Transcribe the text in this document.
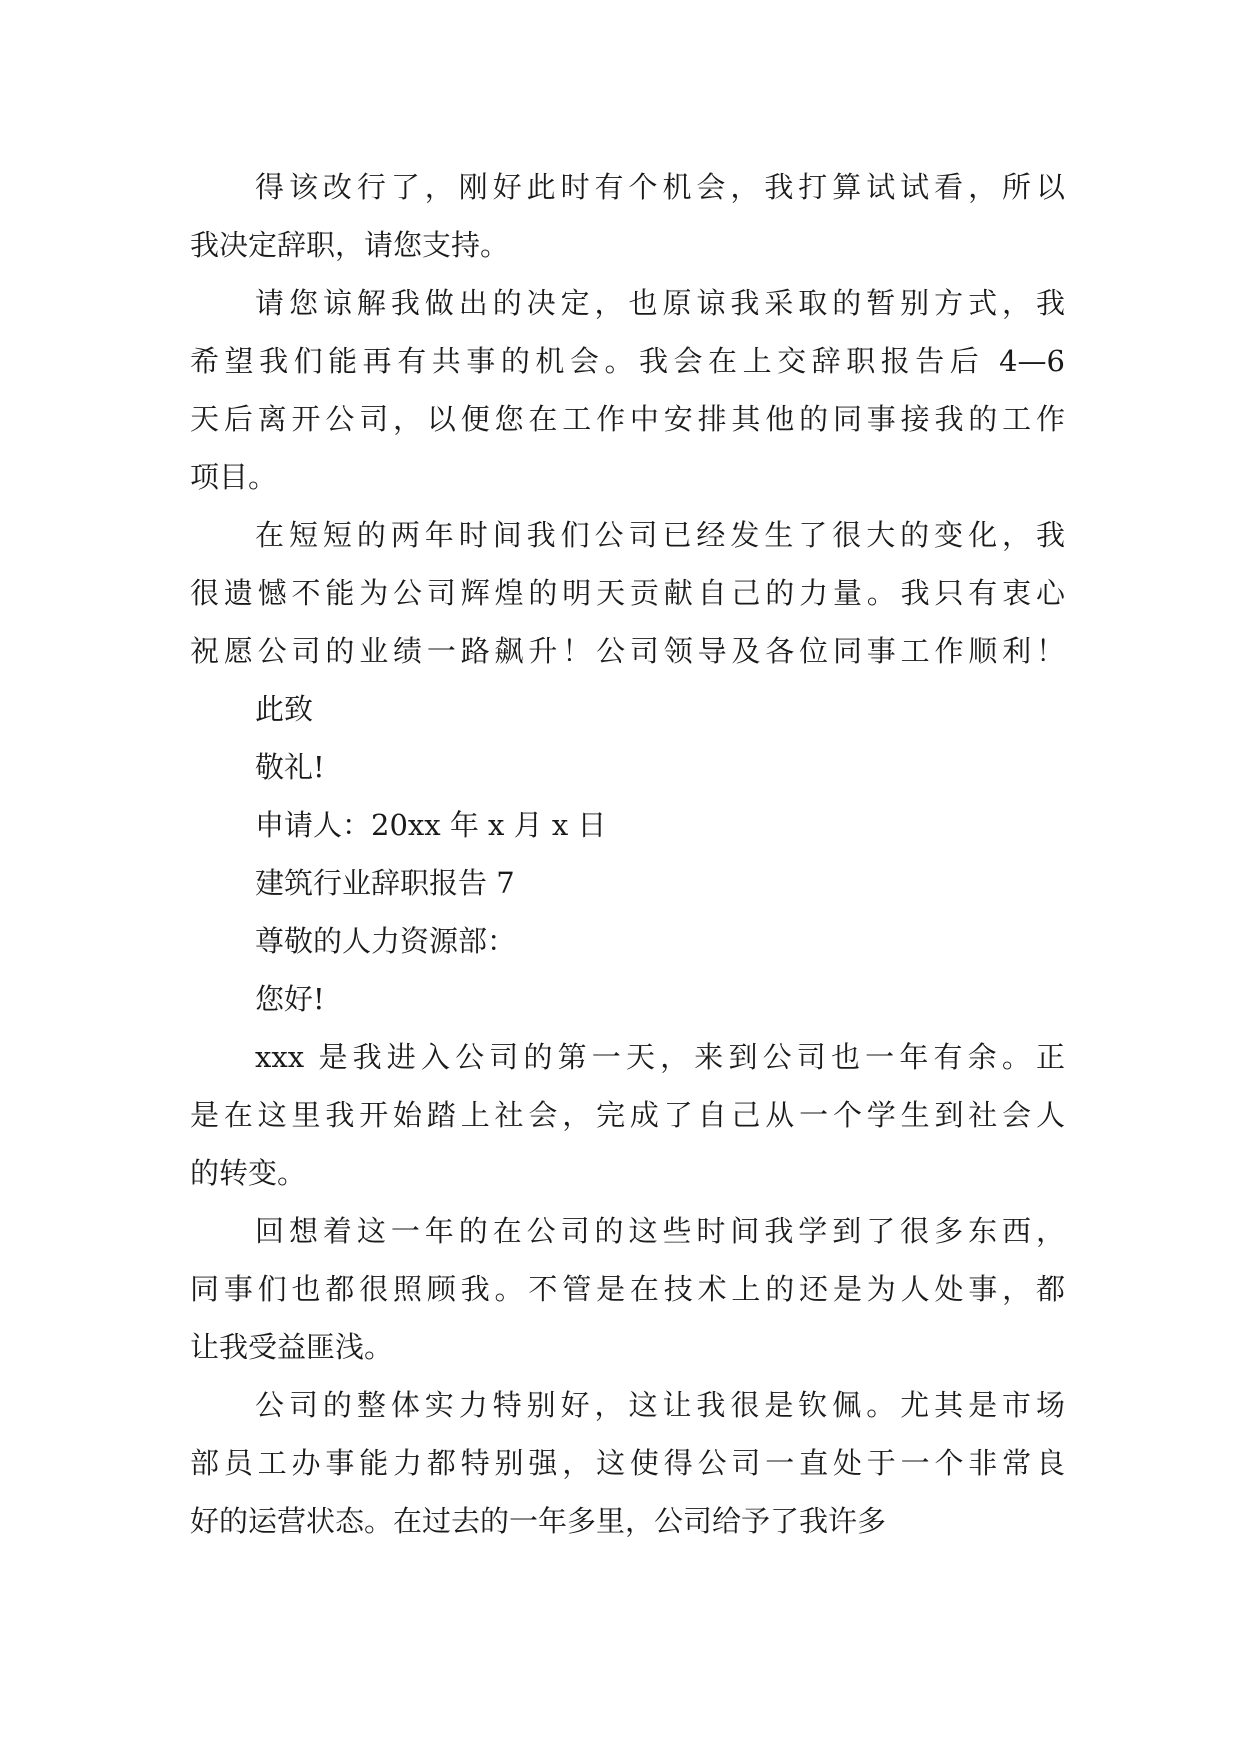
得该改行了，刚好此时有个机会，我打算试试看，所以
我决定辞职，请您支持。
请您谅解我做出的决定，也原谅我采取的暂别方式，我
希望我们能再有共事的机会。我会在上交辞职报告后 4—6
天后离开公司，以便您在工作中安排其他的同事接我的工作
项目。
在短短的两年时间我们公司已经发生了很大的变化，我
很遗憾不能为公司辉煌的明天贡献自己的力量。我只有衷心
祝愿公司的业绩一路飙升！公司领导及各位同事工作顺利！
此致
敬礼!
申请人：20xx 年 x 月 x 日
建筑行业辞职报告 7
尊敬的人力资源部：
您好!
xxx 是我进入公司的第一天，来到公司也一年有余。正
是在这里我开始踏上社会，完成了自己从一个学生到社会人
的转变。
回想着这一年的在公司的这些时间我学到了很多东西，
同事们也都很照顾我。不管是在技术上的还是为人处事，都
让我受益匪浅。
公司的整体实力特别好，这让我很是钦佩。尤其是市场
部员工办事能力都特别强，这使得公司一直处于一个非常良
好的运营状态。在过去的一年多里，公司给予了我许多
